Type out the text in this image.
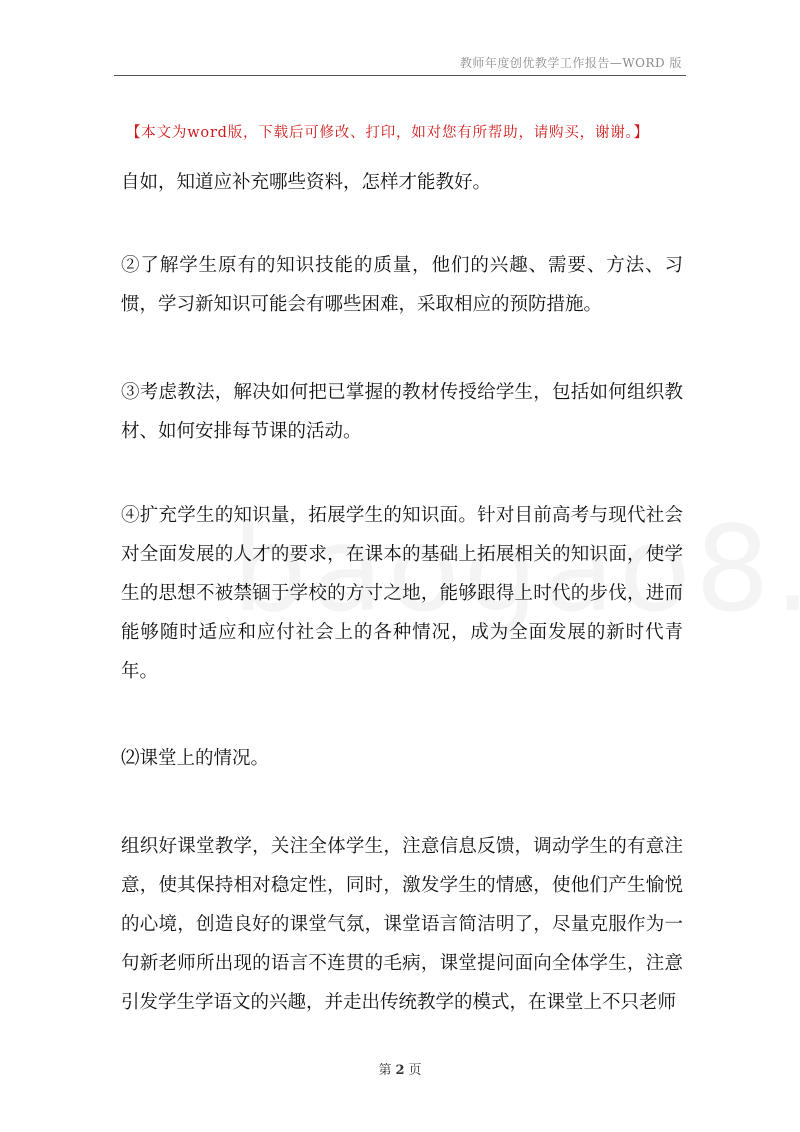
教师年度创优教学工作报告—WORD 版
【本文为word版，下载后可修改、打印，如对您有所帮助，请购买，谢谢。】

自如，知道应补充哪些资料，怎样才能教好。

②了解学生原有的知识技能的质量，他们的兴趣、需要、方法、习惯，学习新知识可能会有哪些困难，采取相应的预防措施。

③考虑教法，解决如何把已掌握的教材传授给学生，包括如何组织教材、如何安排每节课的活动。

④扩充学生的知识量，拓展学生的知识面。针对目前高考与现代社会对全面发展的人才的要求，在课本的基础上拓展相关的知识面，使学生的思想不被禁锢于学校的方寸之地，能够跟得上时代的步伐，进而能够随时适应和应付社会上的各种情况，成为全面发展的新时代青年。

⑵课堂上的情况。

组织好课堂教学，关注全体学生，注意信息反馈，调动学生的有意注意，使其保持相对稳定性，同时，激发学生的情感，使他们产生愉悦的心境，创造良好的课堂气氛，课堂语言简洁明了，尽量克服作为一句新老师所出现的语言不连贯的毛病，课堂提问面向全体学生，注意引发学生学语文的兴趣，并走出传统教学的模式，在课堂上不只老师

第 2 页
